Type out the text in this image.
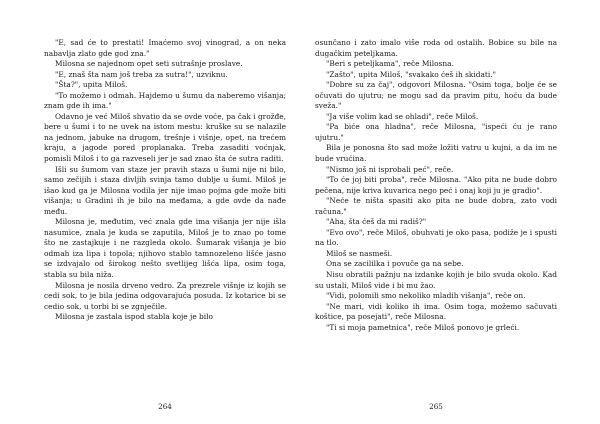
"E, sad će to prestati! Imaćemo svoj vinograd, a on neka nabavlja zlato gde god zna."

Milosna se najednom opet seti sutrašnje proslave.

"E, znaš šta nam još treba za sutra!", uzviknu.

"Šta?", upita Miloš.

"To možemo i odmah. Hajdemo u šumu da naberemo višanja; znam gde ih ima."

Odavno je već Miloš shvatio da se ovde voće, pa čak i grožđe, bere u šumi i to ne uvek na istom mestu: kruške su se nalazile na jednom, jabuke na drugom, trešnje i višnje, opet, na trećem kraju, a jagode pored proplanaka. Treba zasaditi voćnjak, pomisli Miloš i to ga razveseli jer je sad znao šta će sutra raditi.

Išli su šumom van staze jer pravih staza u šumi nije ni bilo, samo zečijih i staza divljih svinja tamo dublje u šumi. Miloš je išao kud ga je Milosna vodila jer nije imao pojma gde može biti višanja; u Gradini ih je bilo na međama, a gde ovde da nađe među.

Milosna je, međutim, već znala gde ima višanja jer nije išla nasumice, znala je kuda se zaputila, Miloš je to znao po tome što ne zastajkuje i ne razgleda okolo. Šumarak višanja je bio odmah iza lipa i topola; njihovo stablo tamnozeleno lišće jasno se izdvajalo od širokog nešto svetlijeg lišća lipa, osim toga, stabla su bila niža.

Milosna je nosila drveno vedro. Za prezrele višnje iz kojih se cedi sok, to je bila jedina odgovarajuća posuda. Iz kotarice bi se cedio sok, u torbi bi se zgnječile.

Milosna je zastala ispod stabla koje je bilo

264

osunčano i zato imalo više roda od ostalih. Bobice su bile na dugačkim peteljkama.

"Beri s peteljkama", reče Milosna.

"Zašto", upita Miloš, "svakako ćeš ih skidati."

"Dobre su za čaj", odgovori Milosna. "Osim toga, bolje će se očuvati do ujutru; ne mogu sad da pravim pitu, hoću da bude sveža."

"Ja više volim kad se ohladi", reče Miloš.

"Pa biće ona hladna", reče Milosna, "ispeći ću je rano ujutru."

Bila je ponosna što sad može ložiti vatru u kujni, a da im ne bude vrućina.

"Nismo još ni isprobali peć", reče.

"To će joj biti proba", reče Milosna. "Ako pita ne bude dobro pečena, nije kriva kuvarica nego peć i onaj koji ju je gradio".

"Neće te ništa spasiti ako pita ne bude dobra, zato vodi računa."

"Aha, šta ćeš da mi radiš?"

"Evo ovo", reče Miloš, obuhvati je oko pasa, podiže je i spusti na tlo.

Miloš se nasmeši.

Ona se zacililka i povuče ga na sebe.

Nisu obratili pažnju na izdanke kojih je bilo svuda okolo. Kad su ustali, Miloš vide i bi mu žao.

"Vidi, polomili smo nekoliko mladih višanja", reče on.

"Ne mari, vidi koliko ih ima. Osim toga, možemo sačuvati koštice, pa posejati", reče Milosna.

"Ti si moja pametnica", reče Miloš ponovo je grleći.

265
